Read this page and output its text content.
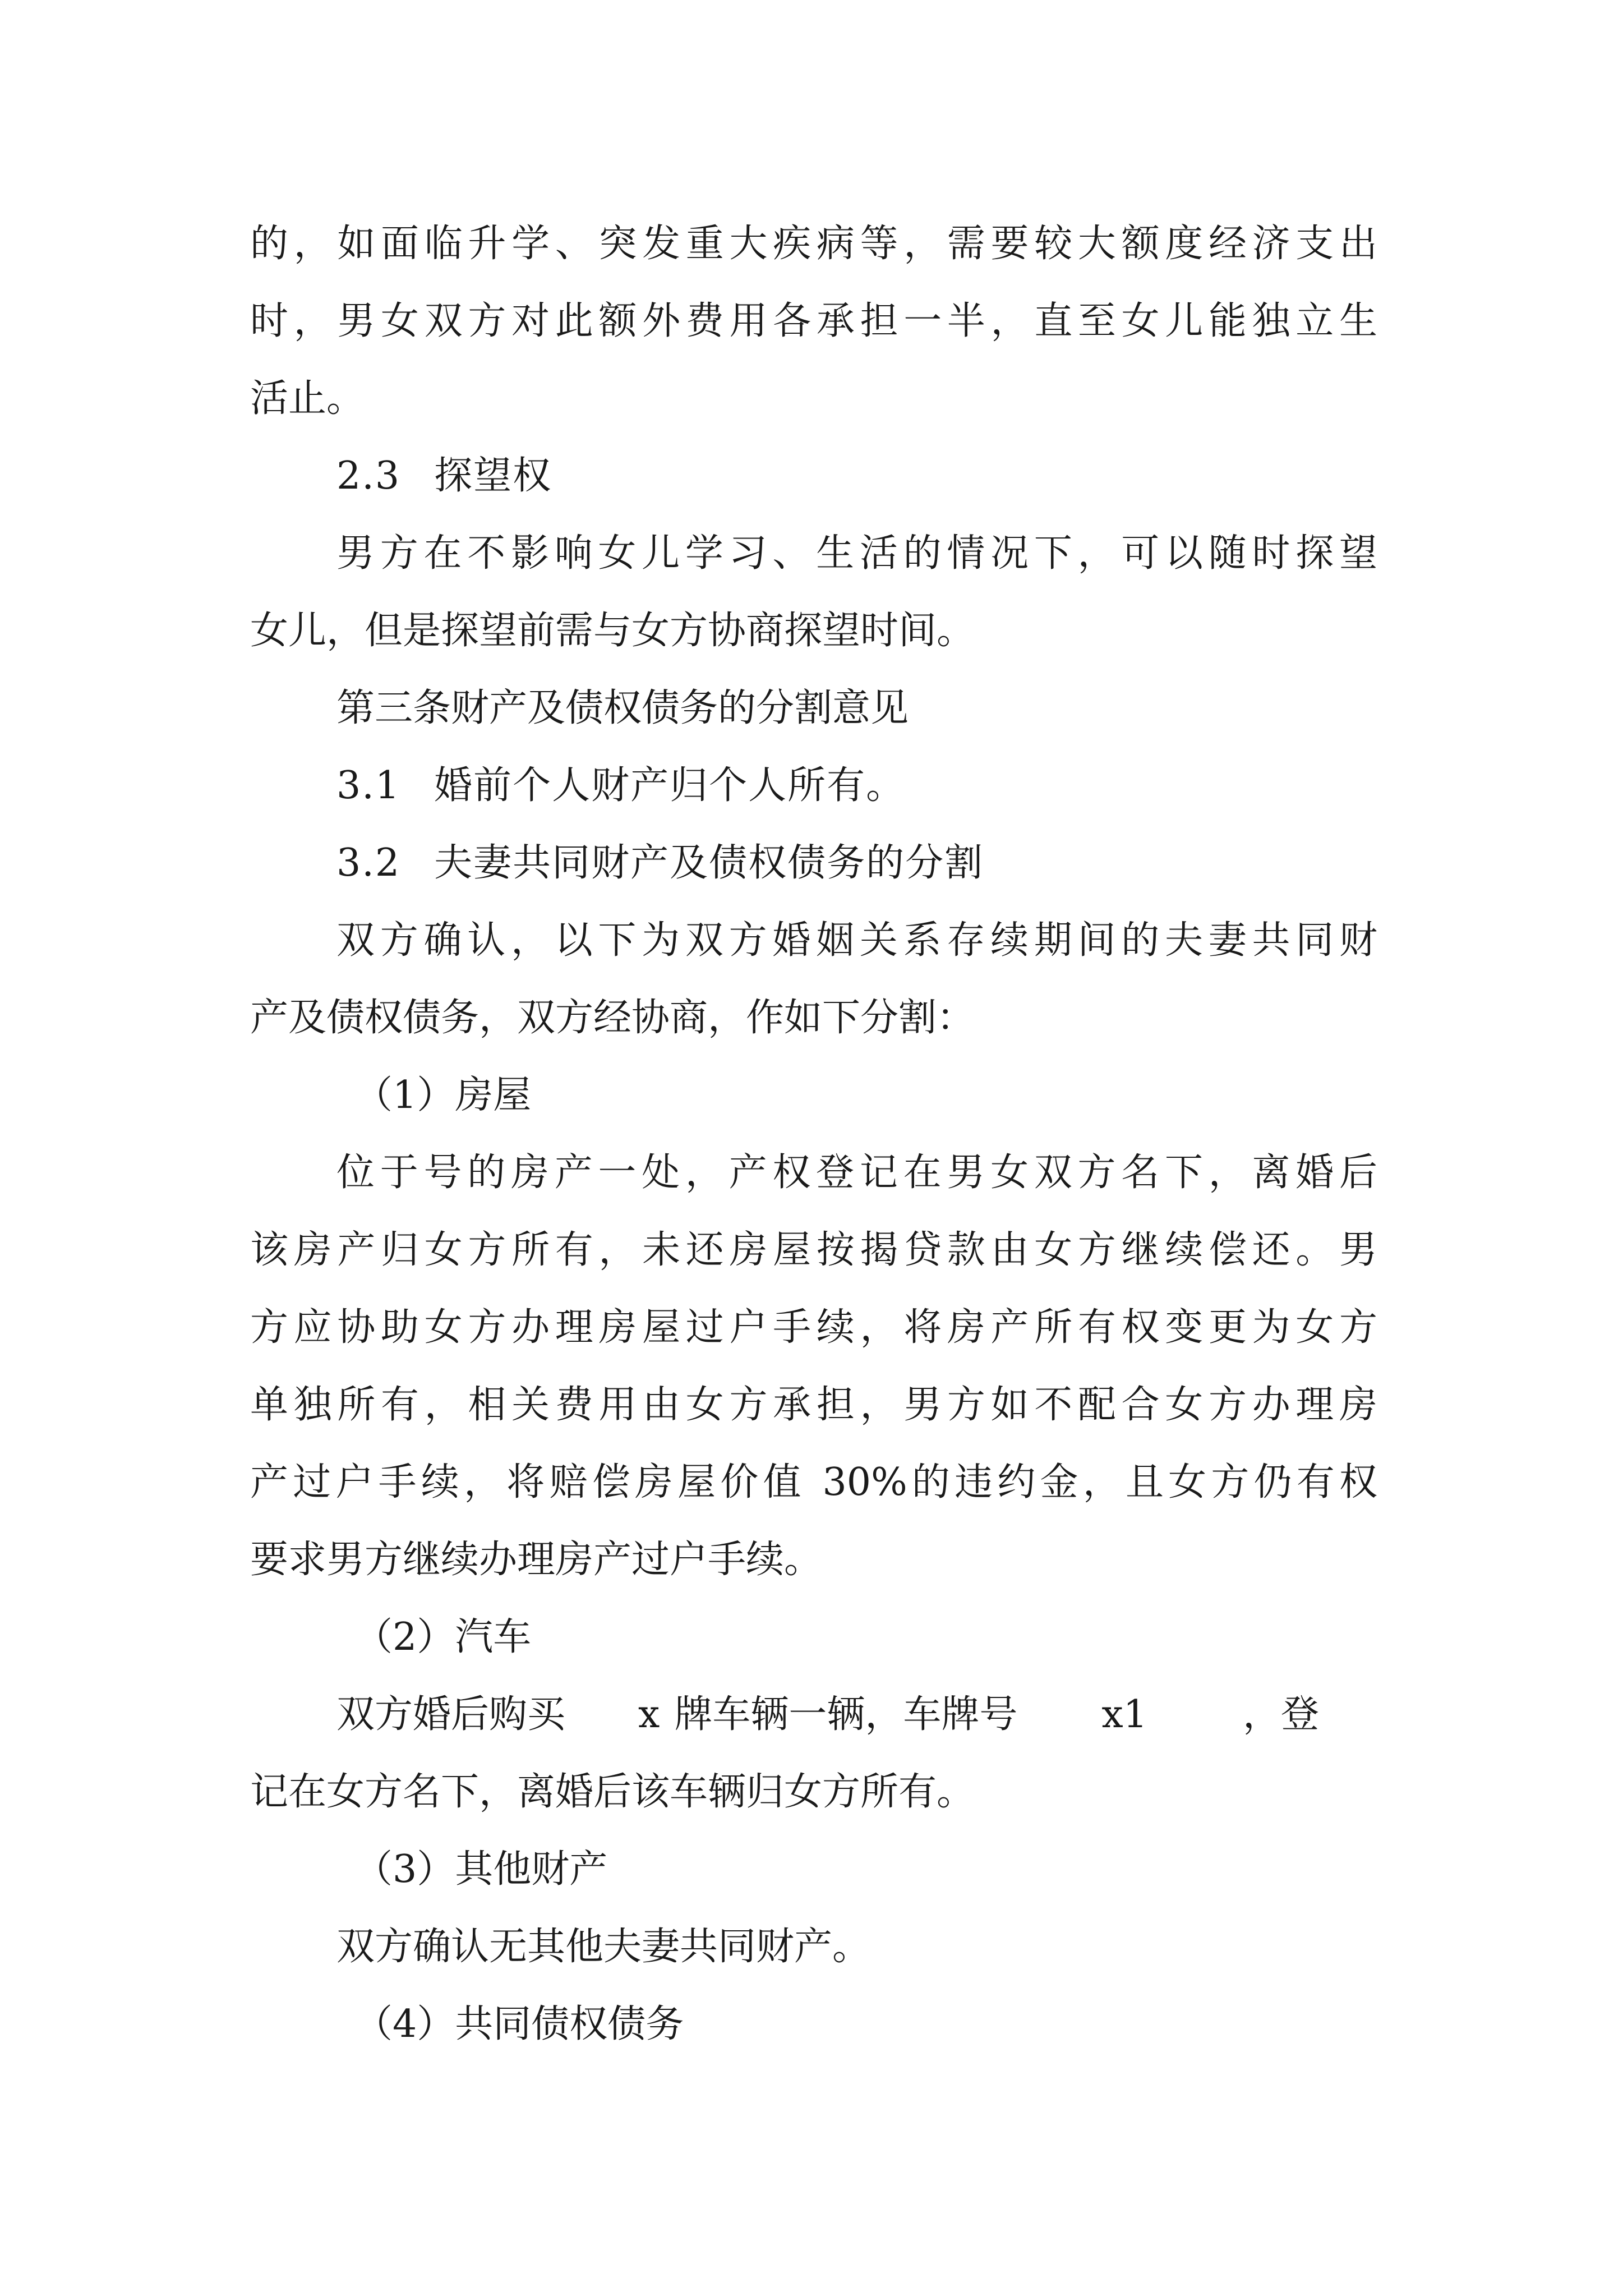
的，如面临升学、突发重大疾病等，需要较大额度经济支出
时，男女双方对此额外费用各承担一半，直至女儿能独立生
活止。
2.3 探望权
男方在不影响女儿学习、生活的情况下，可以随时探望
女儿，但是探望前需与女方协商探望时间。
第三条财产及债权债务的分割意见
3.1 婚前个人财产归个人所有。
3.2 夫妻共同财产及债权债务的分割
双方确认，以下为双方婚姻关系存续期间的夫妻共同财
产及债权债务，双方经协商，作如下分割：
（1）房屋
位于号的房产一处，产权登记在男女双方名下，离婚后
该房产归女方所有，未还房屋按揭贷款由女方继续偿还。男
方应协助女方办理房屋过户手续，将房产所有权变更为女方
单独所有，相关费用由女方承担，男方如不配合女方办理房
产过户手续，将赔偿房屋价值 30%的违约金，且女方仍有权
要求男方继续办理房产过户手续。
（2）汽车
双方婚后购买 x 牌车辆一辆，车牌号 x1	，登
记在女方名下，离婚后该车辆归女方所有。
（3）其他财产
双方确认无其他夫妻共同财产。
（4）共同债权债务
